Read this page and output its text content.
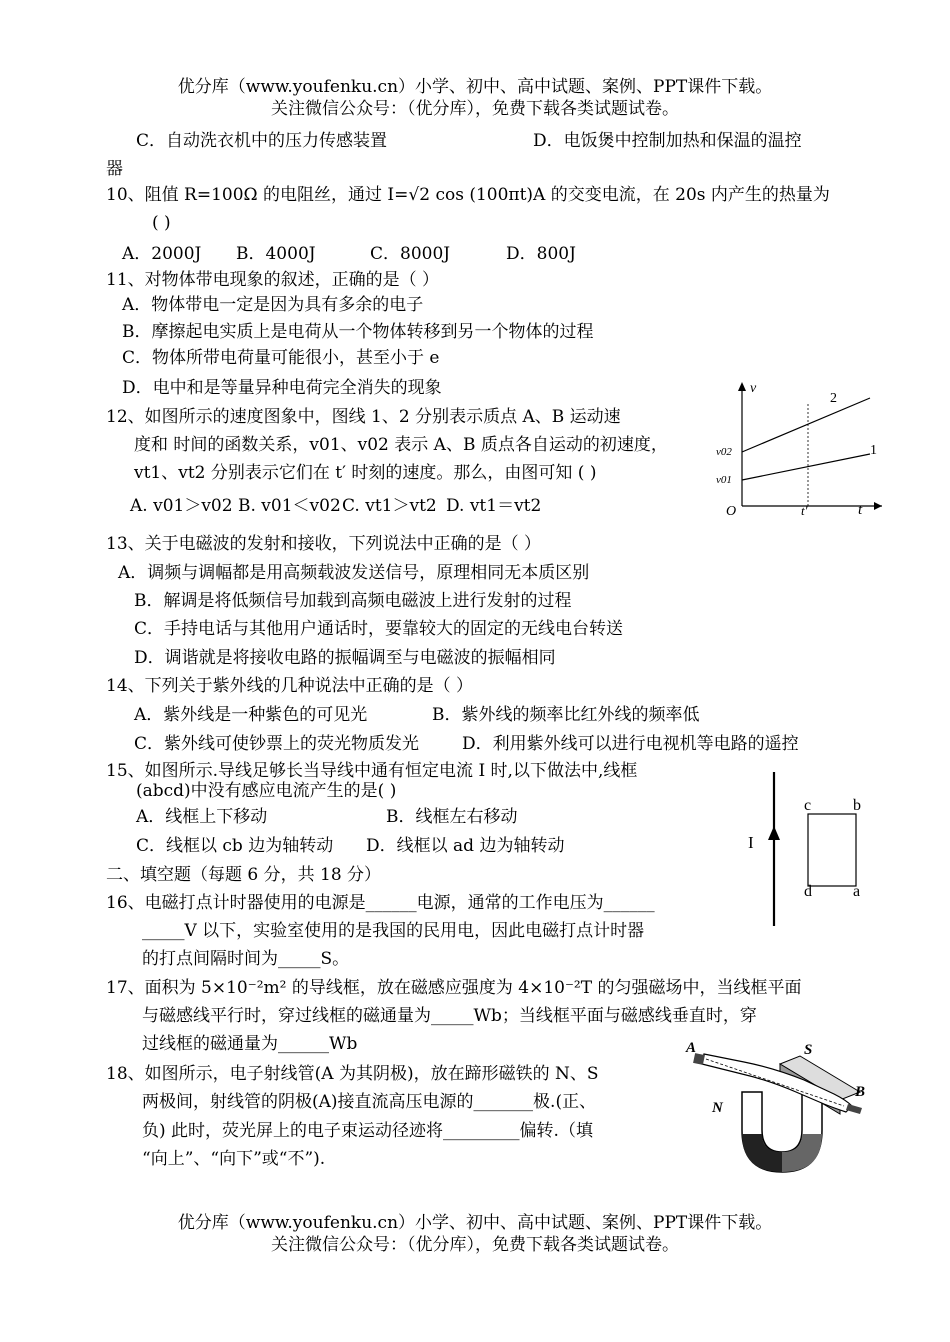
优分库（www.youfenku.cn）小学、初中、高中试题、案例、PPT课件下载。
关注微信公众号：（优分库），免费下载各类试题试卷。
C．自动洗衣机中的压力传感装置	D．电饭煲中控制加热和保温的温控
器
10、阻值 R=100Ω 的电阻丝，通过 I=√2 cos (100πt)A 的交变电流，在 20s 内产生的热量为
( )
A．2000J B．4000J	C．8000J	D．800J
11、对物体带电现象的叙述，正确的是（ ）
A．物体带电一定是因为具有多余的电子
B．摩擦起电实质上是电荷从一个物体转移到另一个物体的过程
C．物体所带电荷量可能很小，甚至小于 e
D．电中和是等量异种电荷完全消失的现象
12、如图所示的速度图象中，图线 1、2 分别表示质点 A、B 运动速
度和 时间的函数关系，v01、v02 表示 A、B 质点各自运动的初速度，
vt1、vt2 分别表示它们在 t′ 时刻的速度。那么，由图可知 ( )
A. v01＞v02 B. v01＜v02 C. vt1＞vt2 D. vt1＝vt2
v
t
O
2
1
v02
v01
t′
13、关于电磁波的发射和接收，下列说法中正确的是（ ）
A．调频与调幅都是用高频载波发送信号，原理相同无本质区别
B．解调是将低频信号加载到高频电磁波上进行发射的过程
C．手持电话与其他用户通话时，要靠较大的固定的无线电台转送
D．调谐就是将接收电路的振幅调至与电磁波的振幅相同
14、下列关于紫外线的几种说法中正确的是（ ）
A．紫外线是一种紫色的可见光	B．紫外线的频率比红外线的频率低
C．紫外线可使钞票上的荧光物质发光	D．利用紫外线可以进行电视机等电路的遥控
15、如图所示.导线足够长当导线中通有恒定电流 I 时,以下做法中,线框
(abcd)中没有感应电流产生的是( )
A．线框上下移动	B．线框左右移动
C．线框以 cb 边为轴转动 D．线框以 ad 边为轴转动	I
c	b
d	a
二、填空题（每题 6 分，共 18 分）
16、电磁打点计时器使用的电源是______电源，通常的工作电压为______
_____V 以下，实验室使用的是我国的民用电，因此电磁打点计时器
的打点间隔时间为_____S。
17、面积为 5×10⁻²m² 的导线框，放在磁感应强度为 4×10⁻²T 的匀强磁场中，当线框平面
与磁感线平行时，穿过线框的磁通量为_____Wb；当线框平面与磁感线垂直时，穿
过线框的磁通量为______Wb
18、如图所示，电子射线管(A 为其阴极)，放在蹄形磁铁的 N、S
两极间，射线管的阴极(A)接直流高压电源的_______极.(正、
负) 此时，荧光屏上的电子束运动径迹将_________偏转.（填
“向上”、“向下”或“不”).
A	S
B
N
优分库（www.youfenku.cn）小学、初中、高中试题、案例、PPT课件下载。
关注微信公众号：（优分库），免费下载各类试题试卷。
